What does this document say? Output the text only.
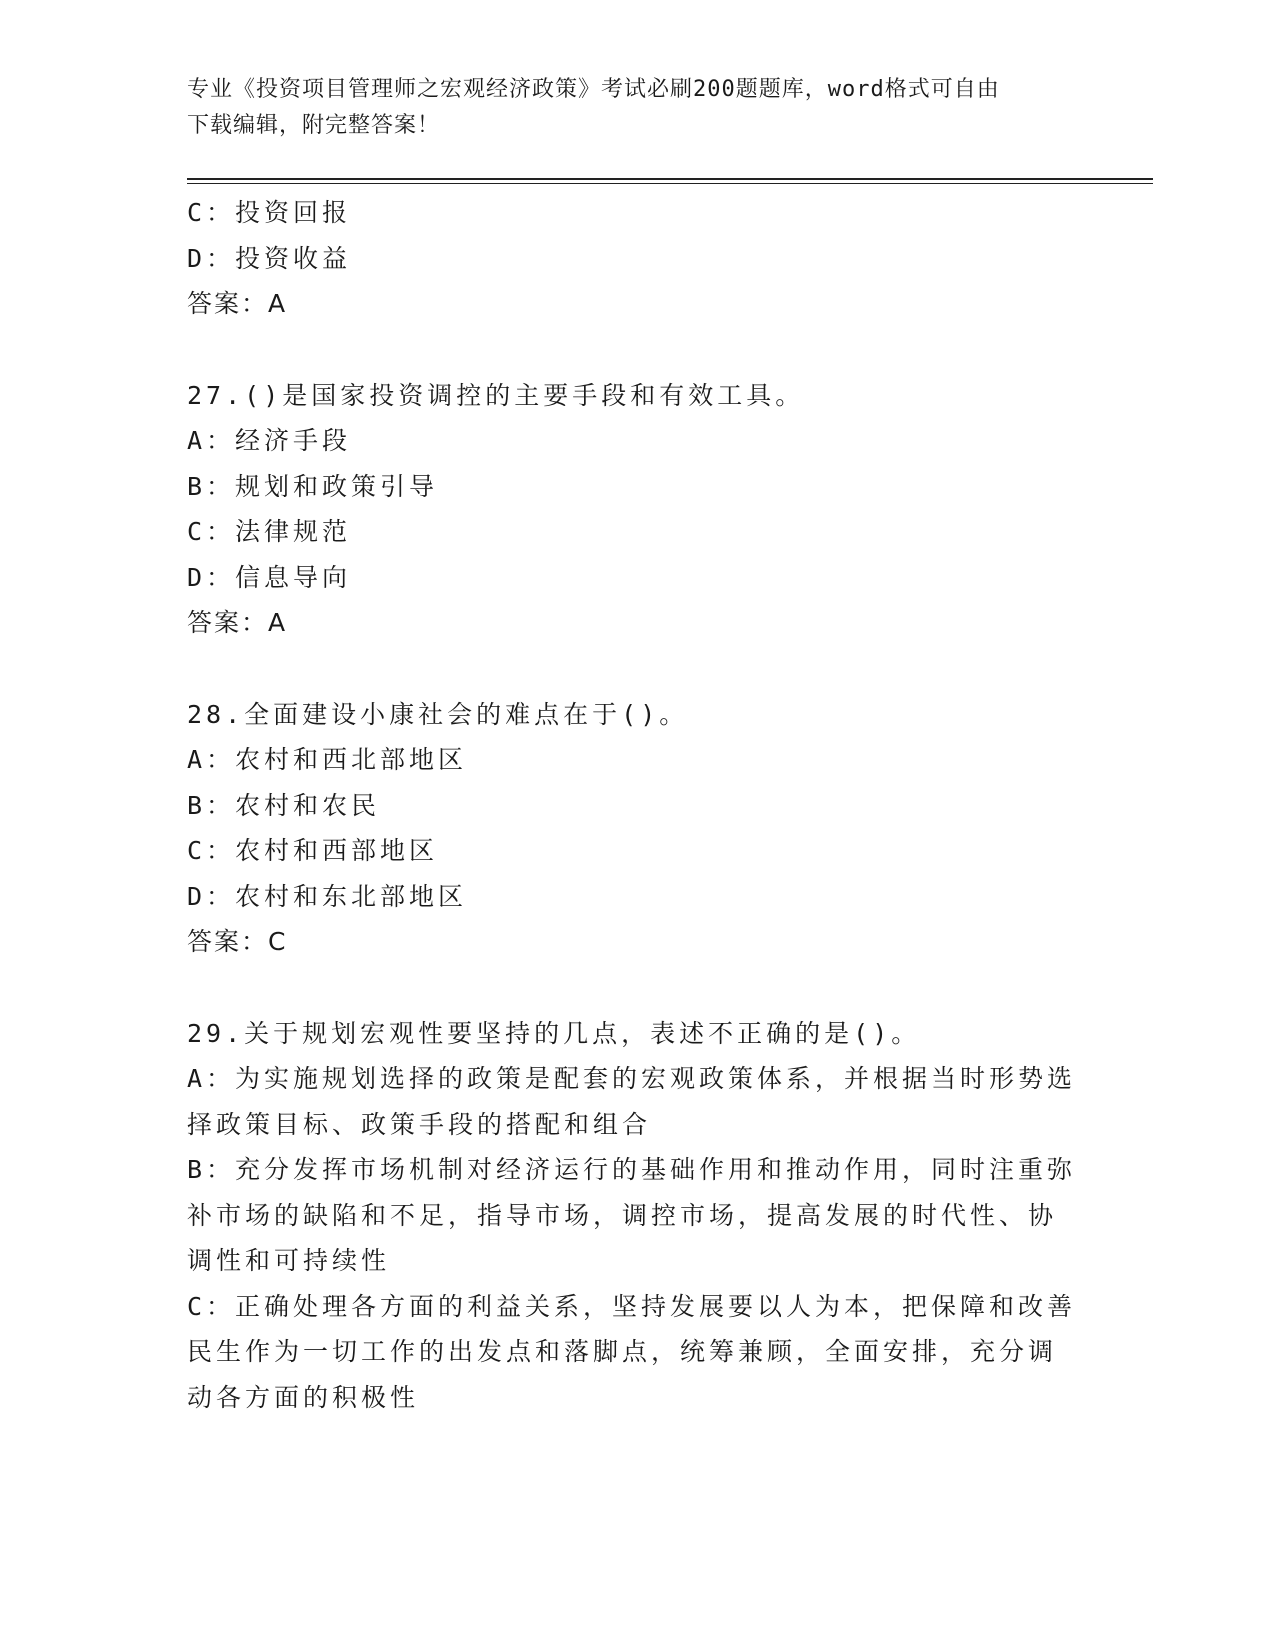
专业《投资项目管理师之宏观经济政策》考试必刷200题题库，word格式可自由
下载编辑，附完整答案！

C：投资回报

D：投资收益

答案：A

27.()是国家投资调控的主要手段和有效工具。

A：经济手段

B：规划和政策引导

C：法律规范

D：信息导向

答案：A

28.全面建设小康社会的难点在于()。

A：农村和西北部地区

B：农村和农民

C：农村和西部地区

D：农村和东北部地区

答案：C

29.关于规划宏观性要坚持的几点，表述不正确的是()。

A：为实施规划选择的政策是配套的宏观政策体系，并根据当时形势选

择政策目标、政策手段的搭配和组合

B：充分发挥市场机制对经济运行的基础作用和推动作用，同时注重弥

补市场的缺陷和不足，指导市场，调控市场，提高发展的时代性、协

调性和可持续性

C：正确处理各方面的利益关系，坚持发展要以人为本，把保障和改善

民生作为一切工作的出发点和落脚点，统筹兼顾，全面安排，充分调

动各方面的积极性
